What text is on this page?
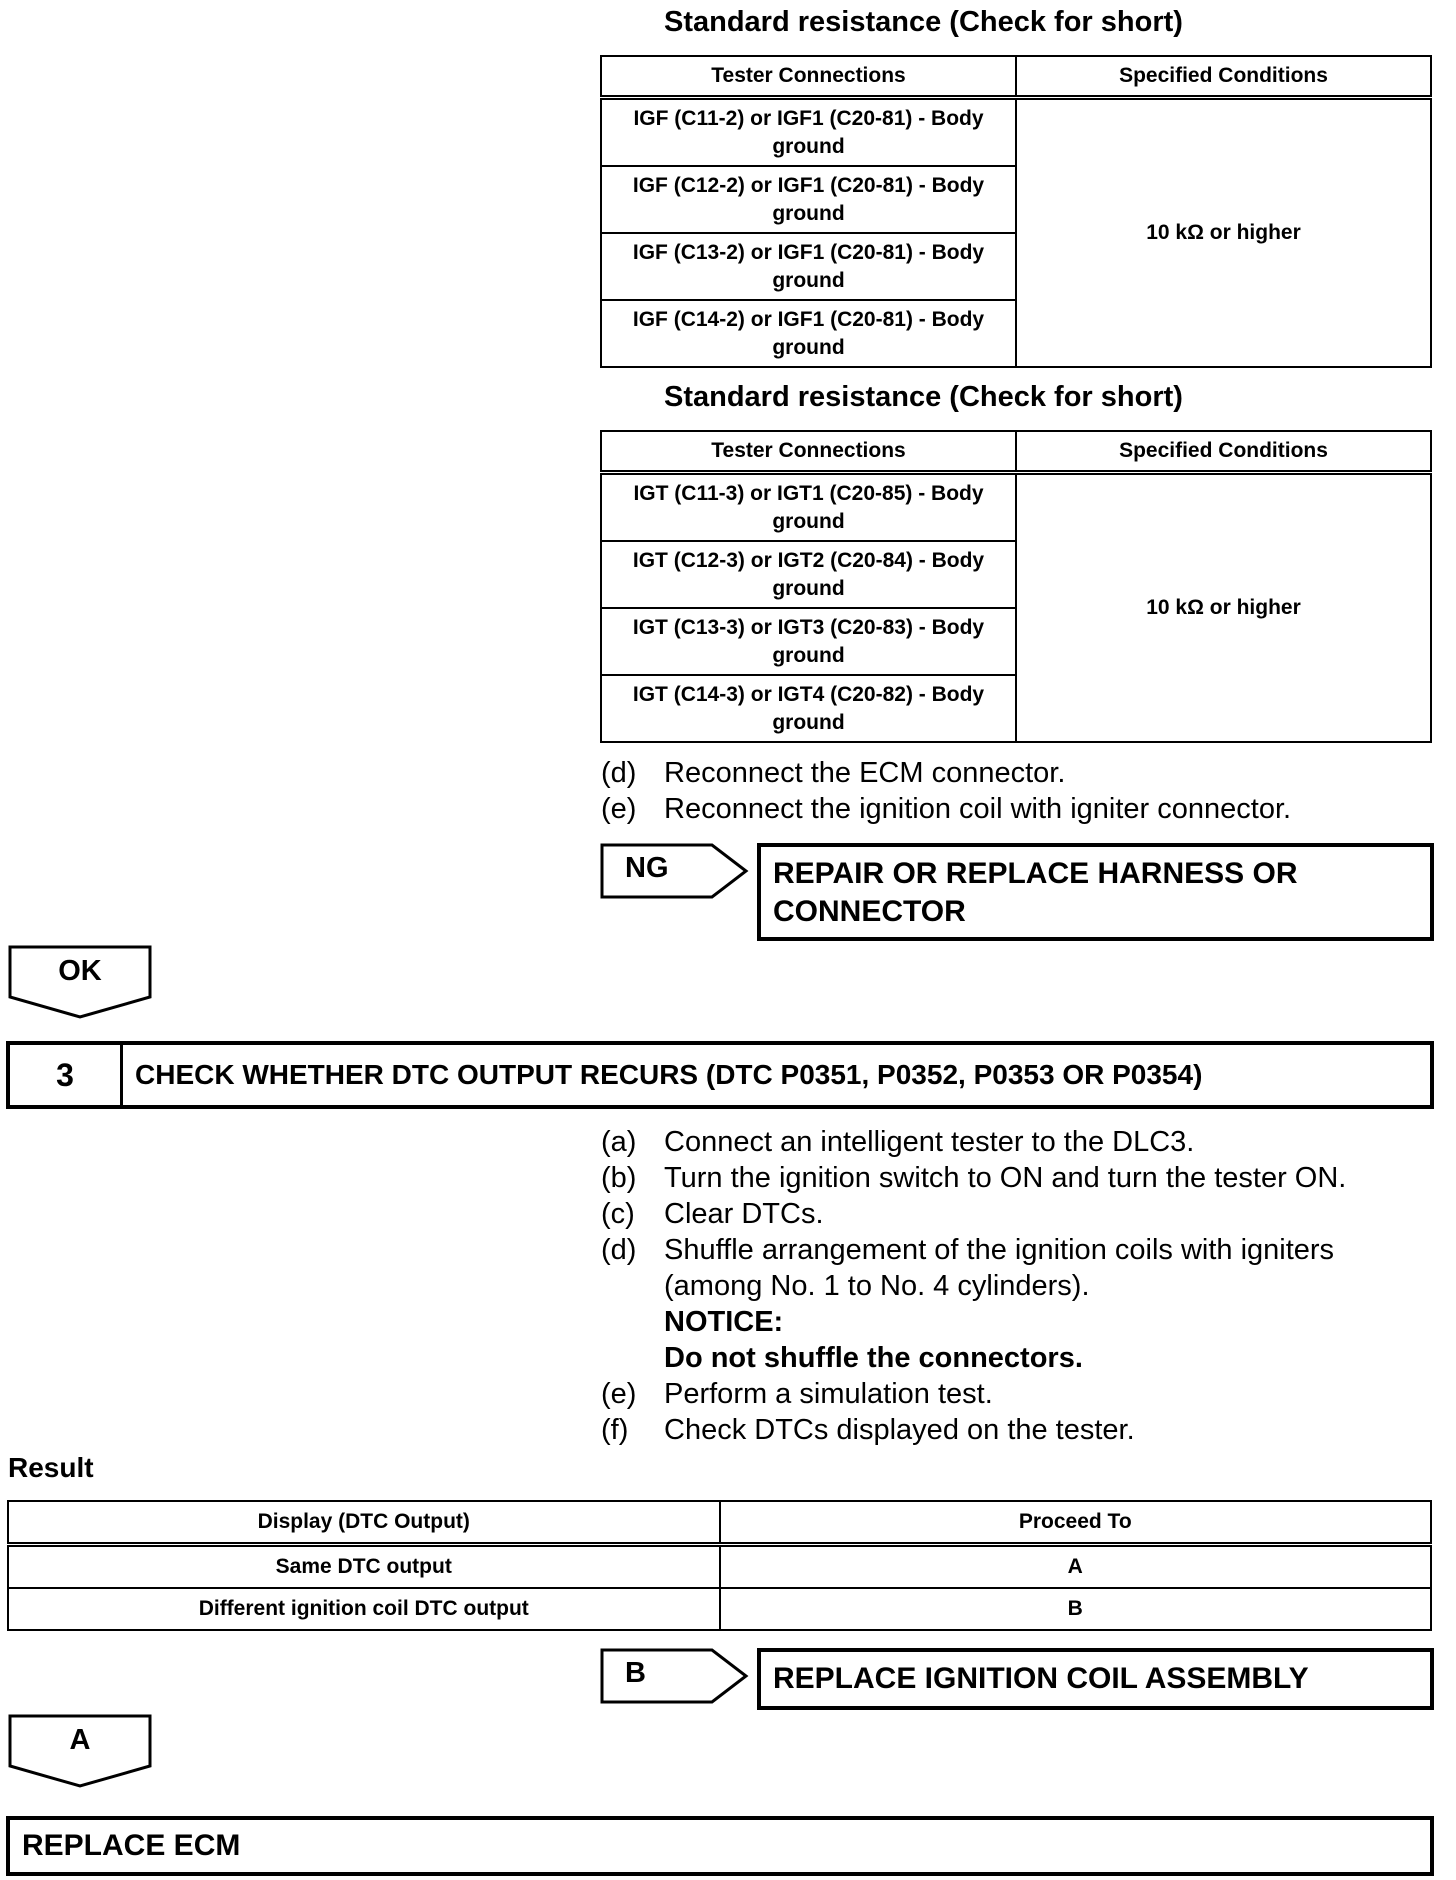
Standard resistance (Check for short)
Tester Connections	Specified Conditions
IGF (C11-2) or IGF1 (C20-81) - Body ground	10 kΩ or higher
IGF (C12-2) or IGF1 (C20-81) - Body ground	
IGF (C13-2) or IGF1 (C20-81) - Body ground	
IGF (C14-2) or IGF1 (C20-81) - Body ground	
Standard resistance (Check for short)
Tester Connections	Specified Conditions
IGT (C11-3) or IGT1 (C20-85) - Body ground	10 kΩ or higher
IGT (C12-3) or IGT2 (C20-84) - Body ground	
IGT (C13-3) or IGT3 (C20-83) - Body ground	
IGT (C14-3) or IGT4 (C20-82) - Body ground	
(d) Reconnect the ECM connector.
(e) Reconnect the ignition coil with igniter connector.
NG	REPAIR OR REPLACE HARNESS OR CONNECTOR
OK
3	CHECK WHETHER DTC OUTPUT RECURS (DTC P0351, P0352, P0353 OR P0354)
(a) Connect an intelligent tester to the DLC3.
(b) Turn the ignition switch to ON and turn the tester ON.
(c)	Clear DTCs.
(d) Shuffle arrangement of the ignition coils with igniters (among No. 1 to No. 4 cylinders).
NOTICE:
Do not shuffle the connectors.
(e) Perform a simulation test.
(f)	Check DTCs displayed on the tester.
Result
Display (DTC Output)	Proceed To
Same DTC output	A
Different ignition coil DTC output	B
B	REPLACE IGNITION COIL ASSEMBLY
A
REPLACE ECM
